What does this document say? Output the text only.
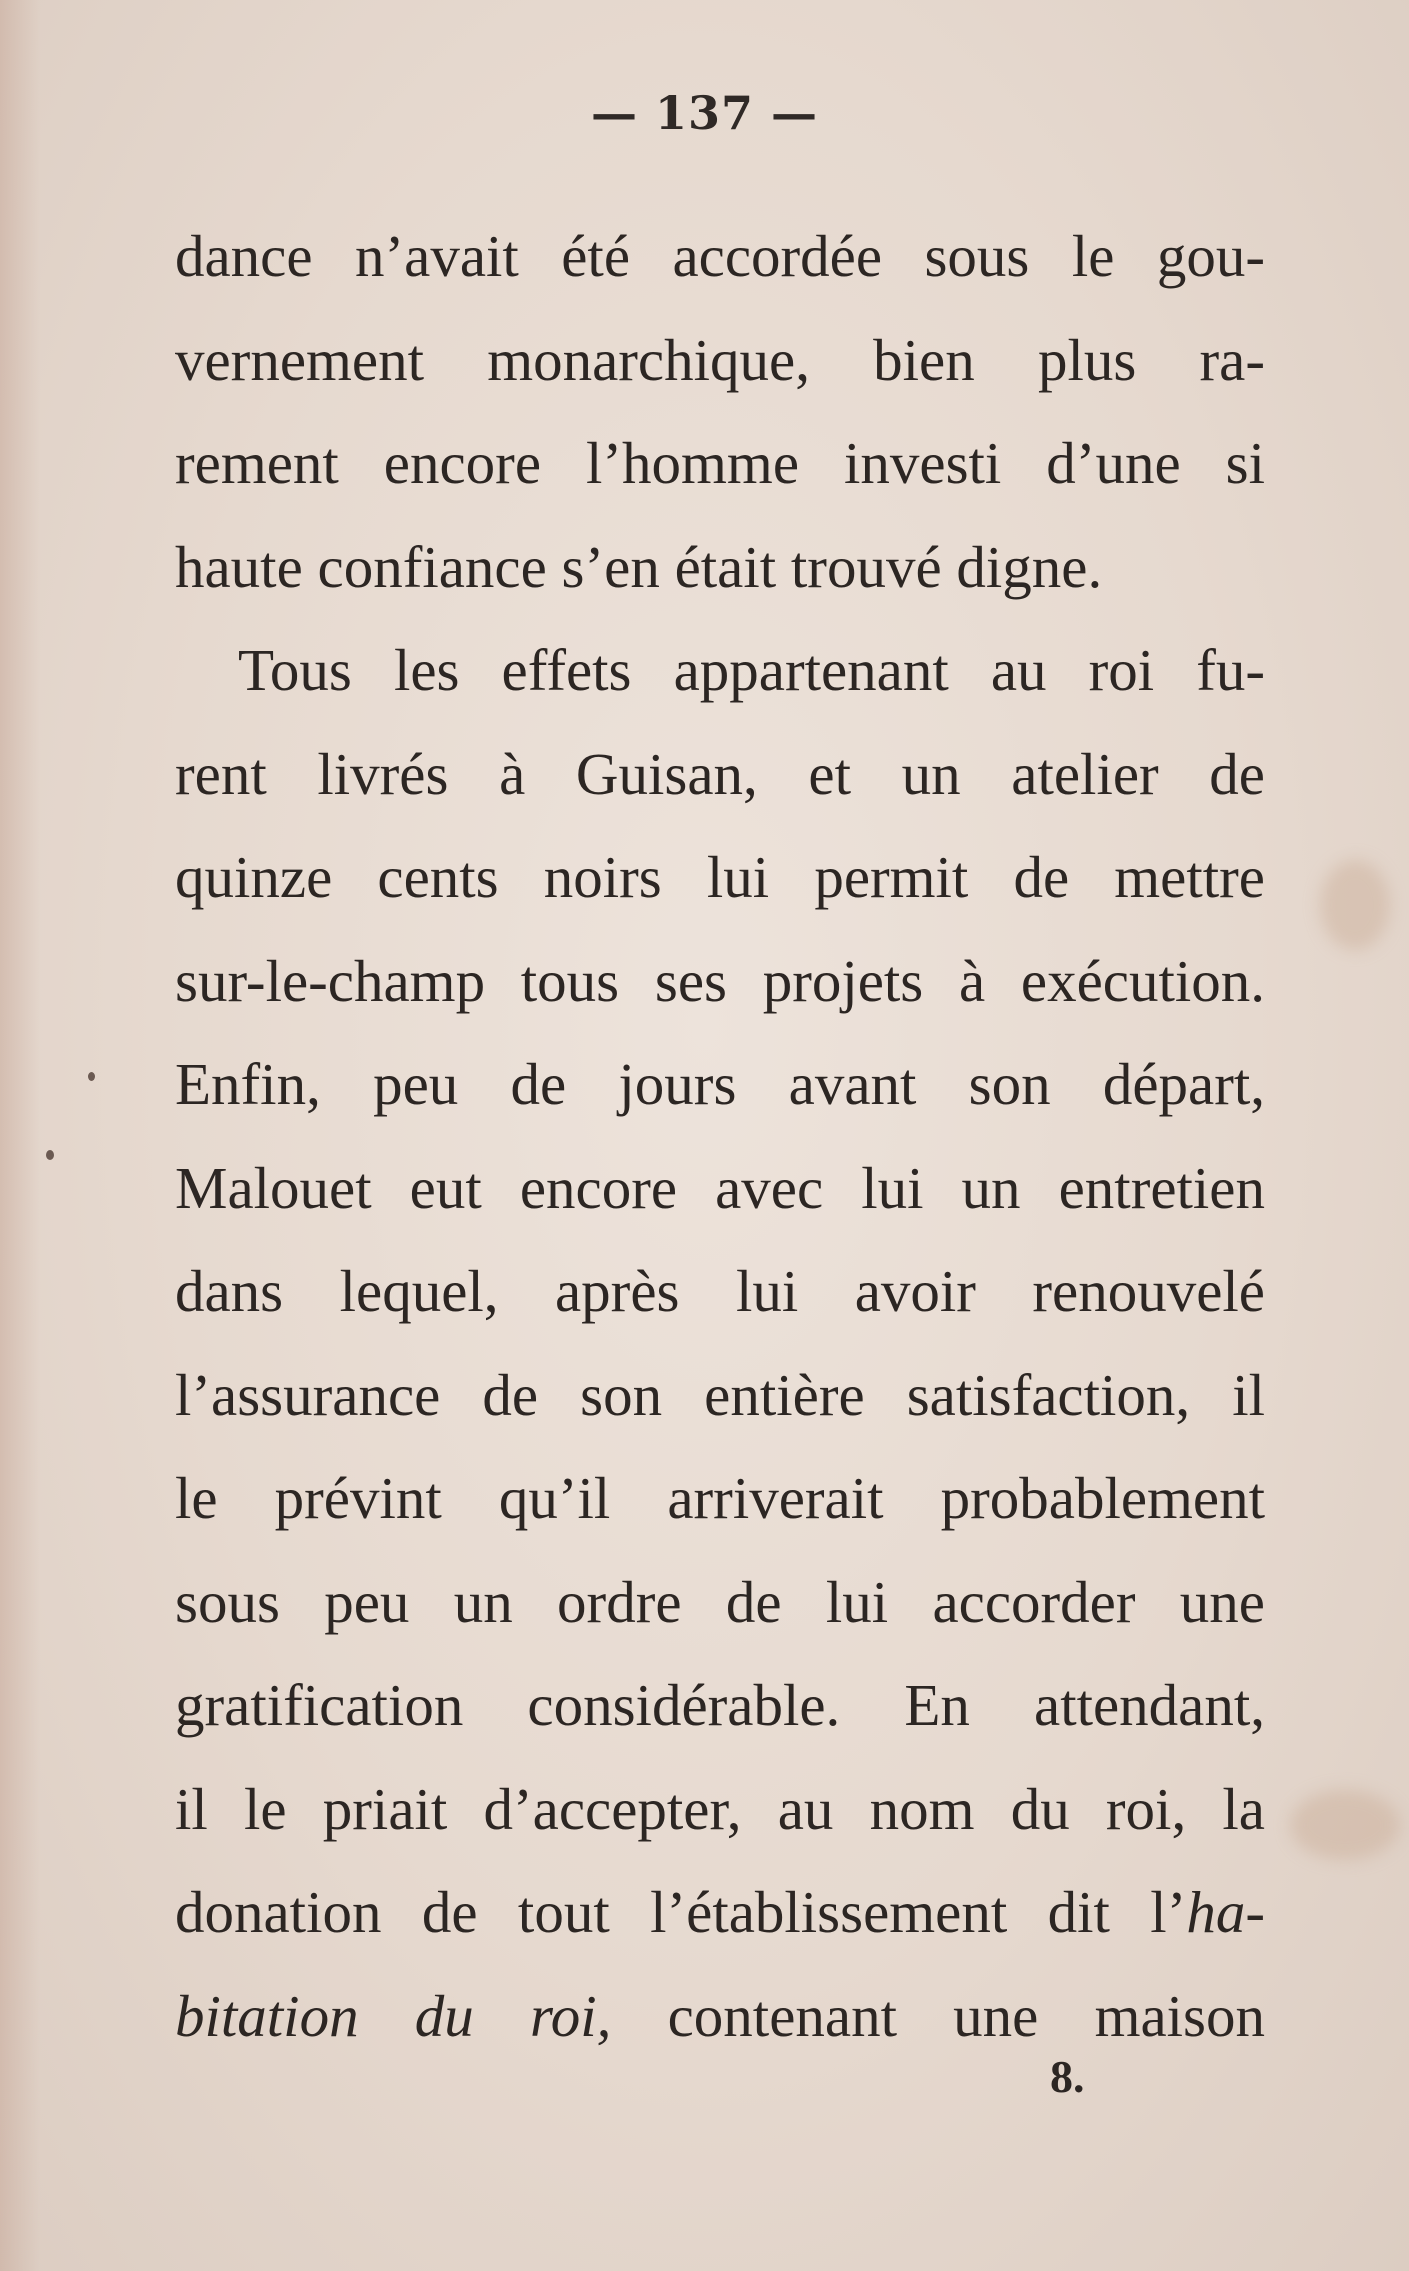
— 137 —
dance n’avait été accordée sous le gou-
vernement monarchique, bien plus ra-
rement encore l’homme investi d’une si
haute confiance s’en était trouvé digne.
Tous les effets appartenant au roi fu-
rent livrés à Guisan, et un atelier de
quinze cents noirs lui permit de mettre
sur-le-champ tous ses projets à exécution.
Enfin, peu de jours avant son départ,
Malouet eut encore avec lui un entretien
dans lequel, après lui avoir renouvelé
l’assurance de son entière satisfaction, il
le prévint qu’il arriverait probablement
sous peu un ordre de lui accorder une
gratification considérable. En attendant,
il le priait d’accepter, au nom du roi, la
donation de tout l’établissement dit l’ha-
bitation du roi, contenant une maison
8.
